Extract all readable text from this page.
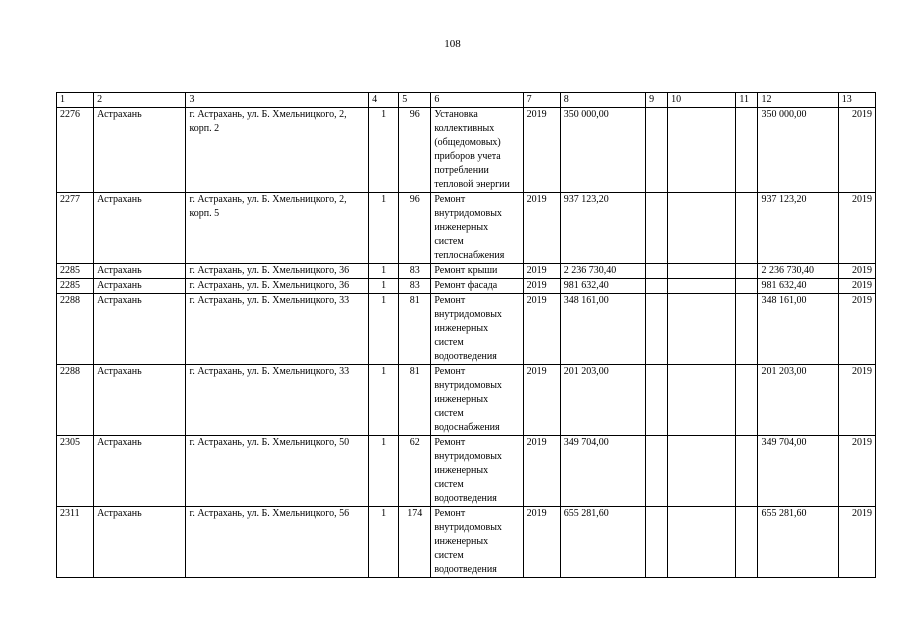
108
1	2	3	4	5	6	7	8	9	10	11	12	13
2276	Астрахань	г. Астрахань, ул. Б. Хмельницкого, 2, корп. 2	1	96	Установка коллективных (общедомовых) приборов учета потреблении тепловой энергии	2019	350 000,00				350 000,00	2019
2277	Астрахань	г. Астрахань, ул. Б. Хмельницкого, 2, корп. 5	1	96	Ремонт внутридомовых инженерных систем теплоснабжения	2019	937 123,20				937 123,20	2019
2285	Астрахань	г. Астрахань, ул. Б. Хмельницкого, 36	1	83	Ремонт крыши	2019	2 236 730,40				2 236 730,40	2019
2285	Астрахань	г. Астрахань, ул. Б. Хмельницкого, 36	1	83	Ремонт фасада	2019	981 632,40				981 632,40	2019
2288	Астрахань	г. Астрахань, ул. Б. Хмельницкого, 33	1	81	Ремонт внутридомовых инженерных систем водоотведения	2019	348 161,00				348 161,00	2019
2288	Астрахань	г. Астрахань, ул. Б. Хмельницкого, 33	1	81	Ремонт внутридомовых инженерных систем водоснабжения	2019	201 203,00				201 203,00	2019
2305	Астрахань	г. Астрахань, ул. Б. Хмельницкого, 50	1	62	Ремонт внутридомовых инженерных систем водоотведения	2019	349 704,00				349 704,00	2019
2311	Астрахань	г. Астрахань, ул. Б. Хмельницкого, 56	1	174	Ремонт внутридомовых инженерных систем водоотведения	2019	655 281,60				655 281,60	2019
